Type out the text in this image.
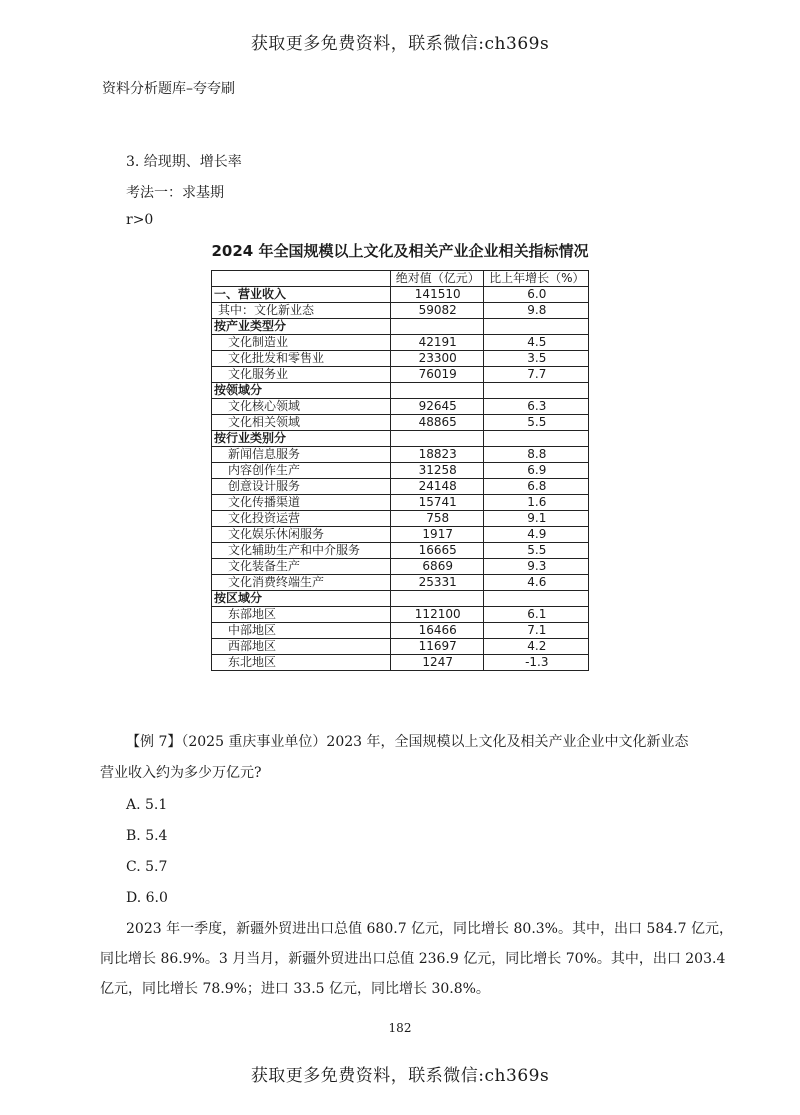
获取更多免费资料，联系微信:ch369s
资料分析题库–夸夸刷
3. 给现期、增长率
考法一：求基期
r>0
2024 年全国规模以上文化及相关产业企业相关指标情况
	绝对值（亿元）	比上年增长（%）
一、营业收入	141510	6.0
其中：文化新业态	59082	9.8
按产业类型分		
文化制造业	42191	4.5
文化批发和零售业	23300	3.5
文化服务业	76019	7.7
按领域分		
文化核心领域	92645	6.3
文化相关领域	48865	5.5
按行业类别分		
新闻信息服务	18823	8.8
内容创作生产	31258	6.9
创意设计服务	24148	6.8
文化传播渠道	15741	1.6
文化投资运营	758	9.1
文化娱乐休闲服务	1917	4.9
文化辅助生产和中介服务	16665	5.5
文化装备生产	6869	9.3
文化消费终端生产	25331	4.6
按区域分		
东部地区	112100	6.1
中部地区	16466	7.1
西部地区	11697	4.2
东北地区	1247	-1.3
【例 7】（2025 重庆事业单位）2023 年，全国规模以上文化及相关产业企业中文化新业态
营业收入约为多少万亿元?
A. 5.1
B. 5.4
C. 5.7
D. 6.0
2023 年一季度，新疆外贸进出口总值 680.7 亿元，同比增长 80.3%。其中，出口 584.7 亿元，
同比增长 86.9%。3 月当月，新疆外贸进出口总值 236.9 亿元，同比增长 70%。其中，出口 203.4
亿元，同比增长 78.9%；进口 33.5 亿元，同比增长 30.8%。
182
获取更多免费资料，联系微信:ch369s
